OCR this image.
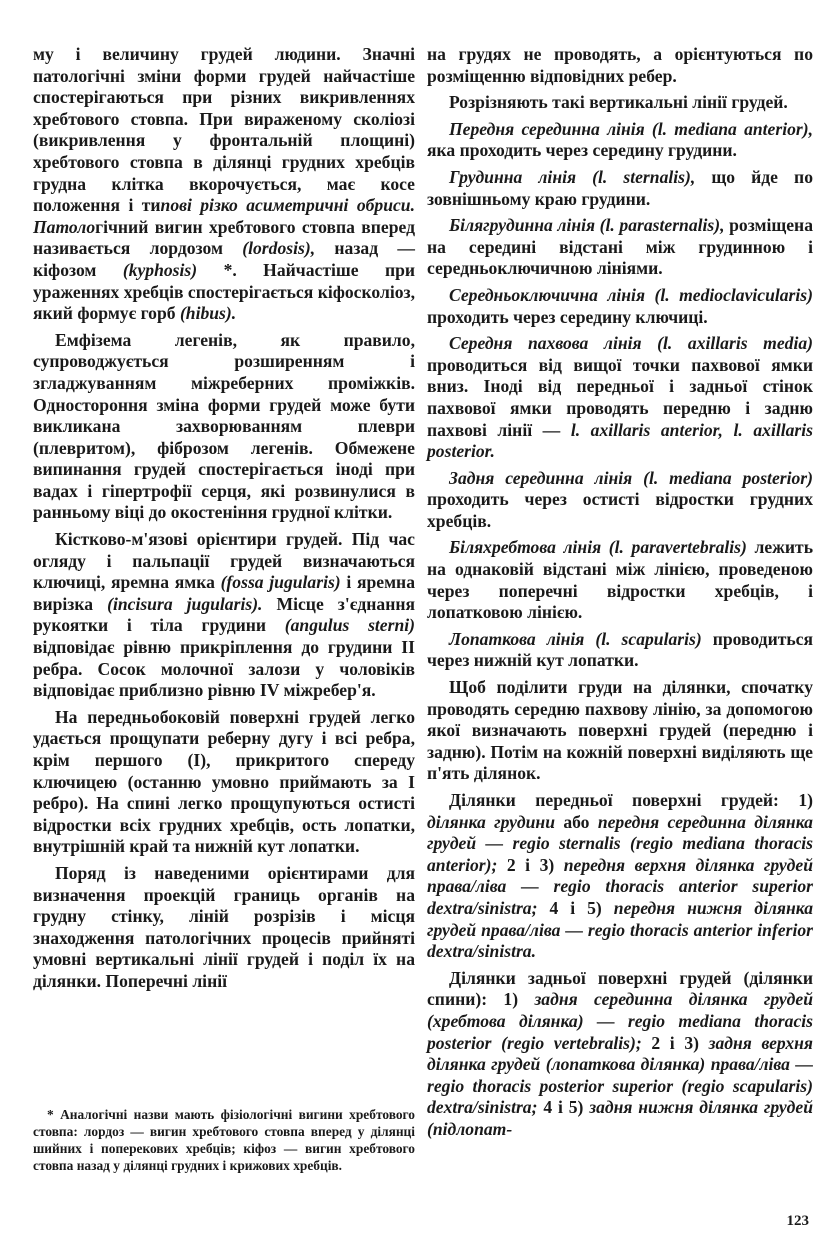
му і величину грудей людини. Значні патологічні зміни форми грудей найчастіше спостерігаються при різних викривленнях хребтового стовпа. При вираженому сколіозі (викривлення у фронтальній площині) хребтового стовпа в ділянці грудних хребців грудна клітка вкорочується, має косе положення і типові різко асиметричні обриси. Патологічний вигин хребтового стовпа вперед називається лордозом (lordosis), назад — кіфозом (kyphosis) *. Найчастіше при ураженнях хребців спостерігається кіфосколіоз, який формує горб (hibus).

Емфізема легенів, як правило, супроводжується розширенням і згладжуванням міжреберних проміжків. Одностороння зміна форми грудей може бути викликана захворюванням плеври (плевритом), фіброзом легенів. Обмежене випинання грудей спостерігається іноді при вадах і гіпертрофії серця, які розвинулися в ранньому віці до окостеніння грудної клітки.

Кістково-м'язові орієнтири грудей. Під час огляду і пальпації грудей визначаються ключиці, яремна ямка (fossa jugularis) і яремна вирізка (incisura jugularis). Місце з'єднання рукоятки і тіла грудини (angulus sterni) відповідає рівню прикріплення до грудини II ребра. Сосок молочної залози у чоловіків відповідає приблизно рівню IV міжребер'я.

На передньобоковій поверхні грудей легко удається прощупати реберну дугу і всі ребра, крім першого (I), прикритого спереду ключицею (останню умовно приймають за I ребро). На спині легко прощупуються остисті відростки всіх грудних хребців, ость лопатки, внутрішній край та нижній кут лопатки.

Поряд із наведеними орієнтирами для визначення проекцій границь органів на грудну стінку, ліній розрізів і місця знаходження патологічних процесів прийняті умовні вертикальні лінії грудей і поділ їх на ділянки. Поперечні лінії

на грудях не проводять, а орієнтуються по розміщенню відповідних ребер.

Розрізняють такі вертикальні лінії грудей.

Передня серединна лінія (l. mediana anterior), яка проходить через середину грудини.

Грудинна лінія (l. sternalis), що йде по зовнішньому краю грудини.

Білягрудинна лінія (l. parasternalis), розміщена на середині відстані між грудинною і середньоключичною лініями.

Середньоключична лінія (l. medioclavicularis) проходить через середину ключиці.

Середня пахвова лінія (l. axillaris media) проводиться від вищої точки пахвової ямки вниз. Іноді від передньої і задньої стінок пахвової ямки проводять передню і задню пахвові лінії — l. axillaris anterior, l. axillaris posterior.

Задня серединна лінія (l. mediana posterior) проходить через остисті відростки грудних хребців.

Біляхребтова лінія (l. paravertebralis) лежить на однаковій відстані між лінією, проведеною через поперечні відростки хребців, і лопатковою лінією.

Лопаткова лінія (l. scapularis) проводиться через нижній кут лопатки.

Щоб поділити груди на ділянки, спочатку проводять середню пахвову лінію, за допомогою якої визначають поверхні грудей (передню і задню). Потім на кожній поверхні виділяють ще п'ять ділянок.

Ділянки передньої поверхні грудей: 1) ділянка грудини або передня серединна ділянка грудей — regio sternalis (regio mediana thoracis anterior); 2 і 3) передня верхня ділянка грудей права/ліва — regio thoracis anterior superior dextra/sinistra; 4 і 5) передня нижня ділянка грудей права/ліва — regio thoracis anterior inferior dextra/sinistra.

Ділянки задньої поверхні грудей (ділянки спини): 1) задня серединна ділянка грудей (хребтова ділянка) — regio mediana thoracis posterior (regio vertebralis); 2 і 3) задня верхня ділянка грудей (лопаткова ділянка) права/ліва — regio thoracis posterior superior (regio scapularis) dextra/sinistra; 4 і 5) задня нижня ділянка грудей (підлопат-

* Аналогічні назви мають фізіологічні вигини хребтового стовпа: лордоз — вигин хребтового стовпа вперед у ділянці шийних і поперекових хребців; кіфоз — вигин хребтового стовпа назад у ділянці грудних і крижових хребців.

123
